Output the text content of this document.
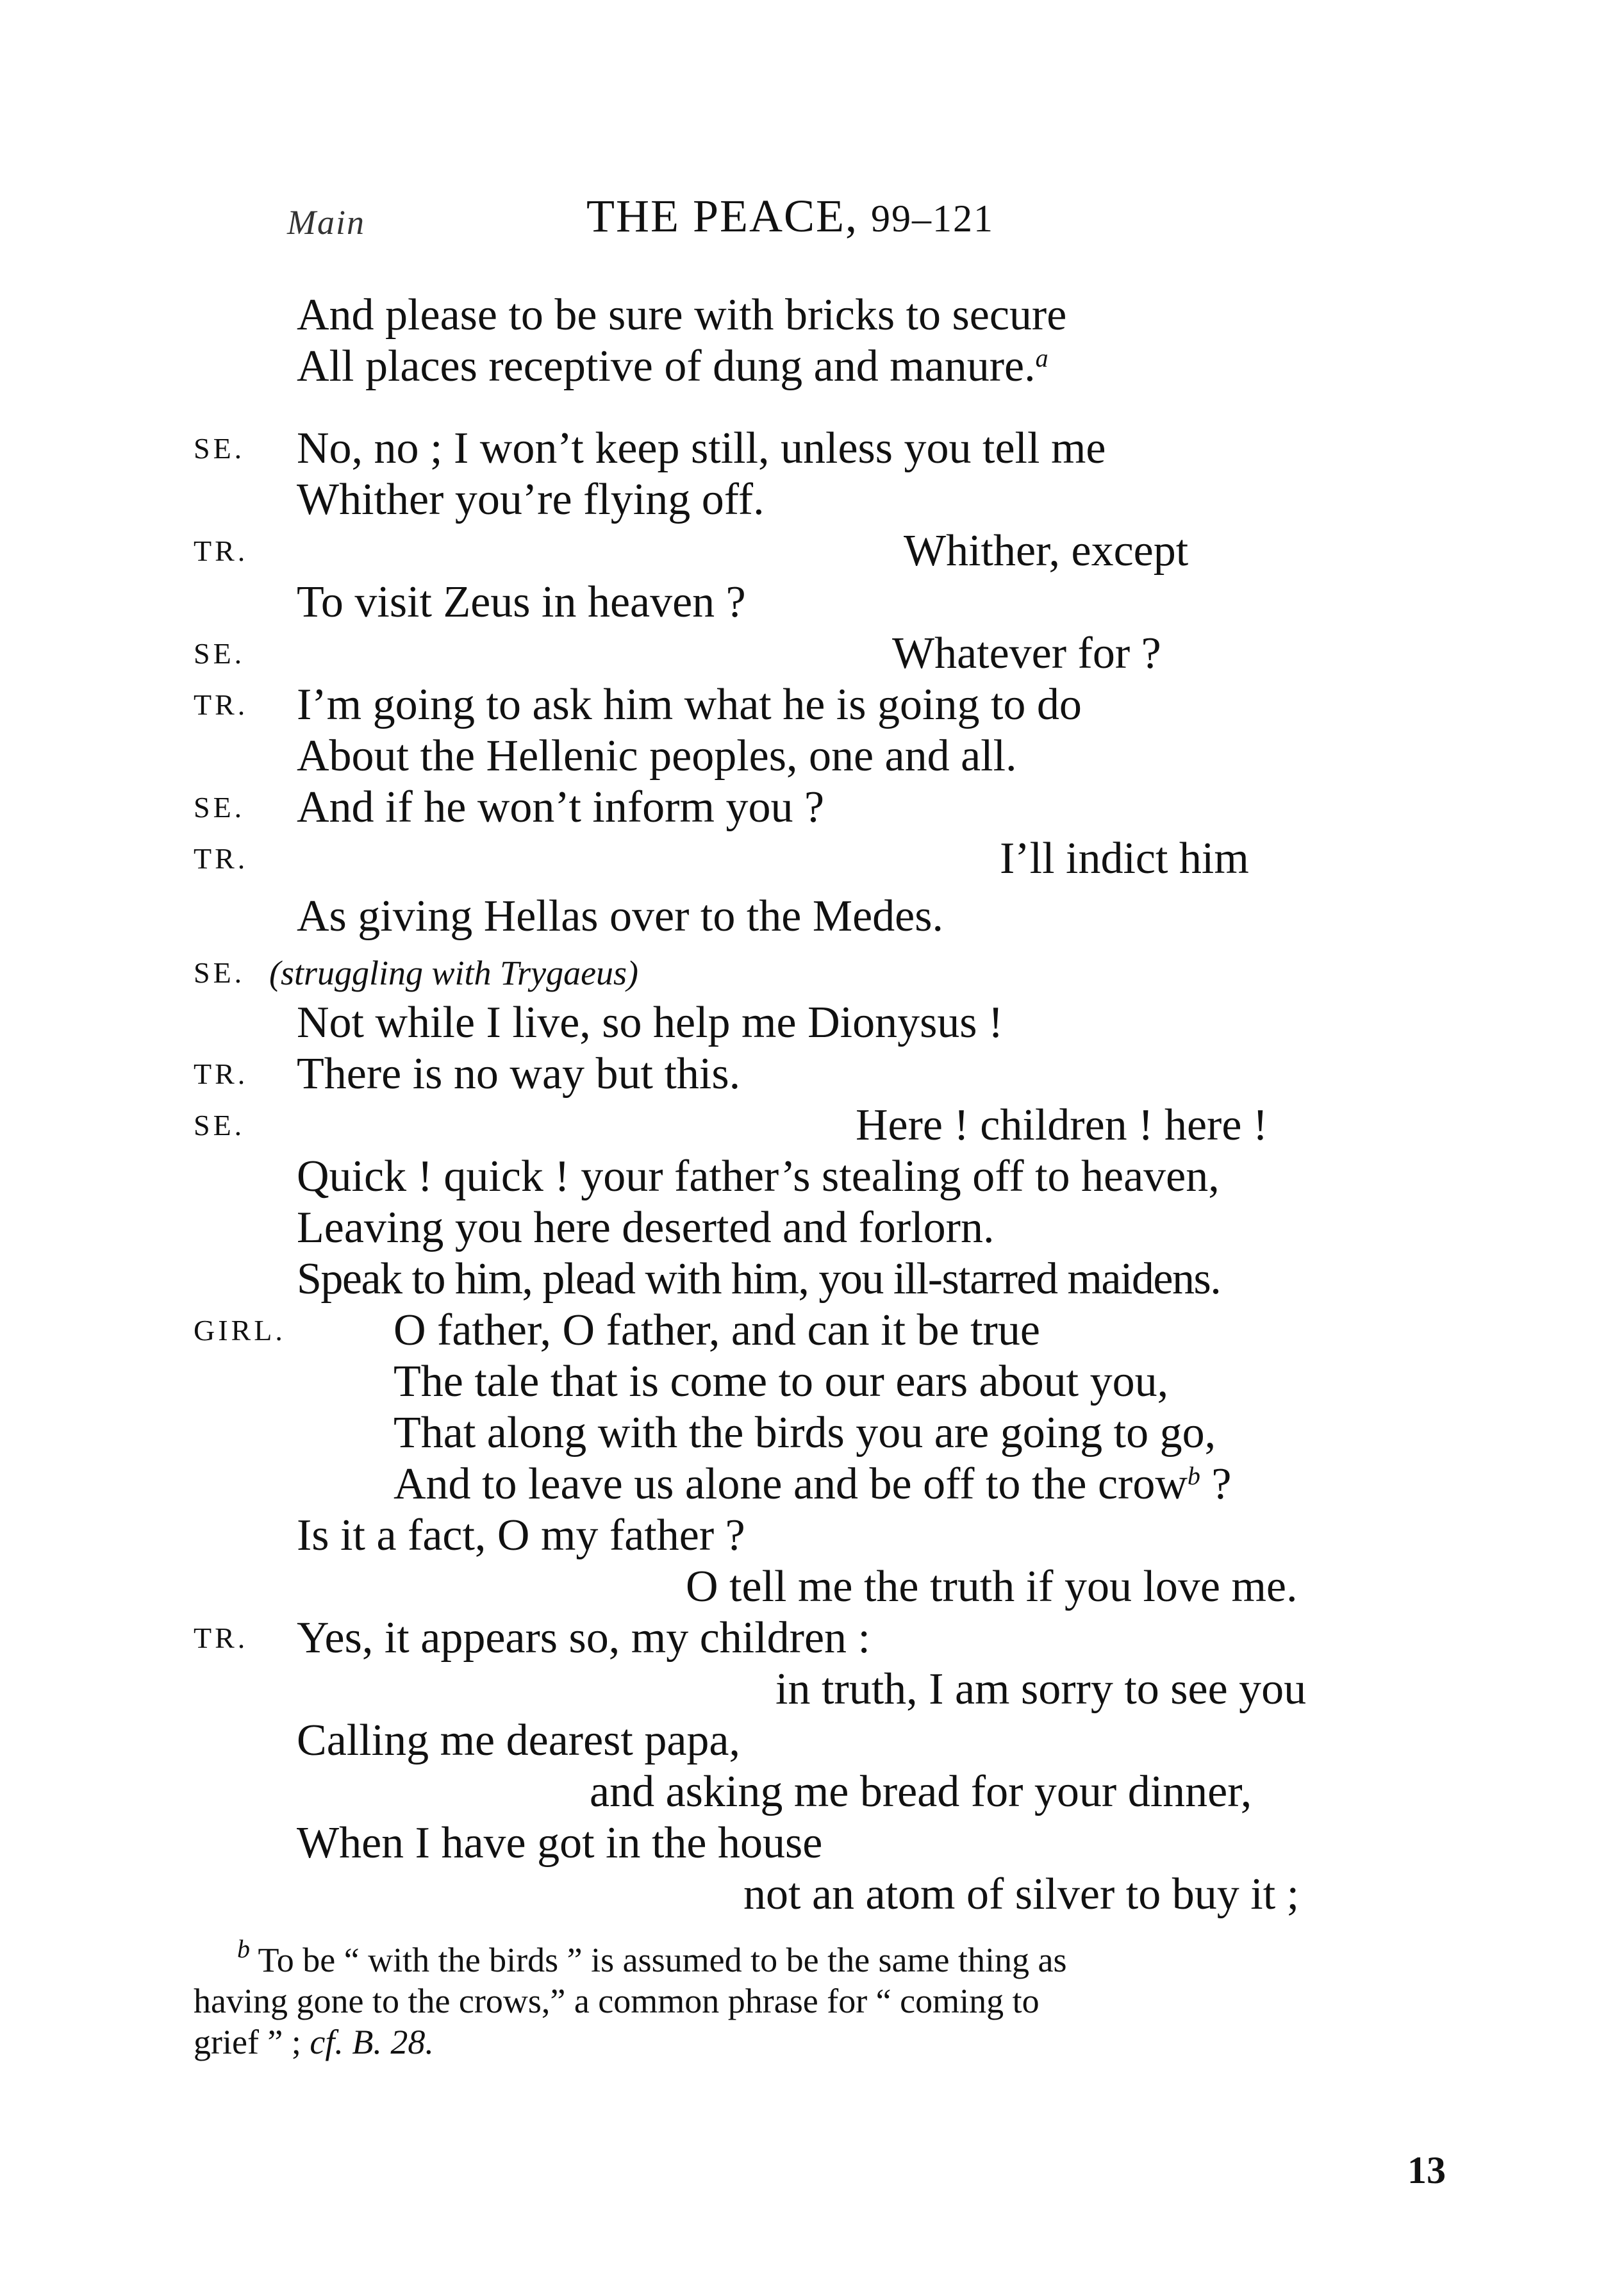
Main	THE PEACE, 99–121
And please to be sure with bricks to secure
All places receptive of dung and manure.$^a$
SE. No, no ; I won’t keep still, unless you tell me
Whither you’re flying off.
TR.	Whither, except
To visit Zeus in heaven ?
SE.	Whatever for ?
TR. I’m going to ask him what he is going to do
About the Hellenic peoples, one and all.
SE. And if he won’t inform you ?
TR.	I’ll indict him
As giving Hellas over to the Medes.
SE. (struggling with Trygaeus)
Not while I live, so help me Dionysus !
TR. There is no way but this.
SE.	Here ! children ! here !
Quick ! quick ! your father’s stealing off to heaven,
Leaving you here deserted and forlorn.
Speak to him, plead with him, you ill-starred maidens.
GIRL. O father, O father, and can it be true
The tale that is come to our ears about you,
That along with the birds you are going to go,
And to leave us alone and be off to the crow$^b$ ?
Is it a fact, O my father ?
O tell me the truth if you love me.
TR. Yes, it appears so, my children :
in truth, I am sorry to see you
Calling me dearest papa,
and asking me bread for your dinner,
When I have got in the house
not an atom of silver to buy it ;
$^b$ To be “ with the birds ” is assumed to be the same thing as
having gone to the crows,” a common phrase for “ coming to
grief ” ; cf. B. 28.
13
